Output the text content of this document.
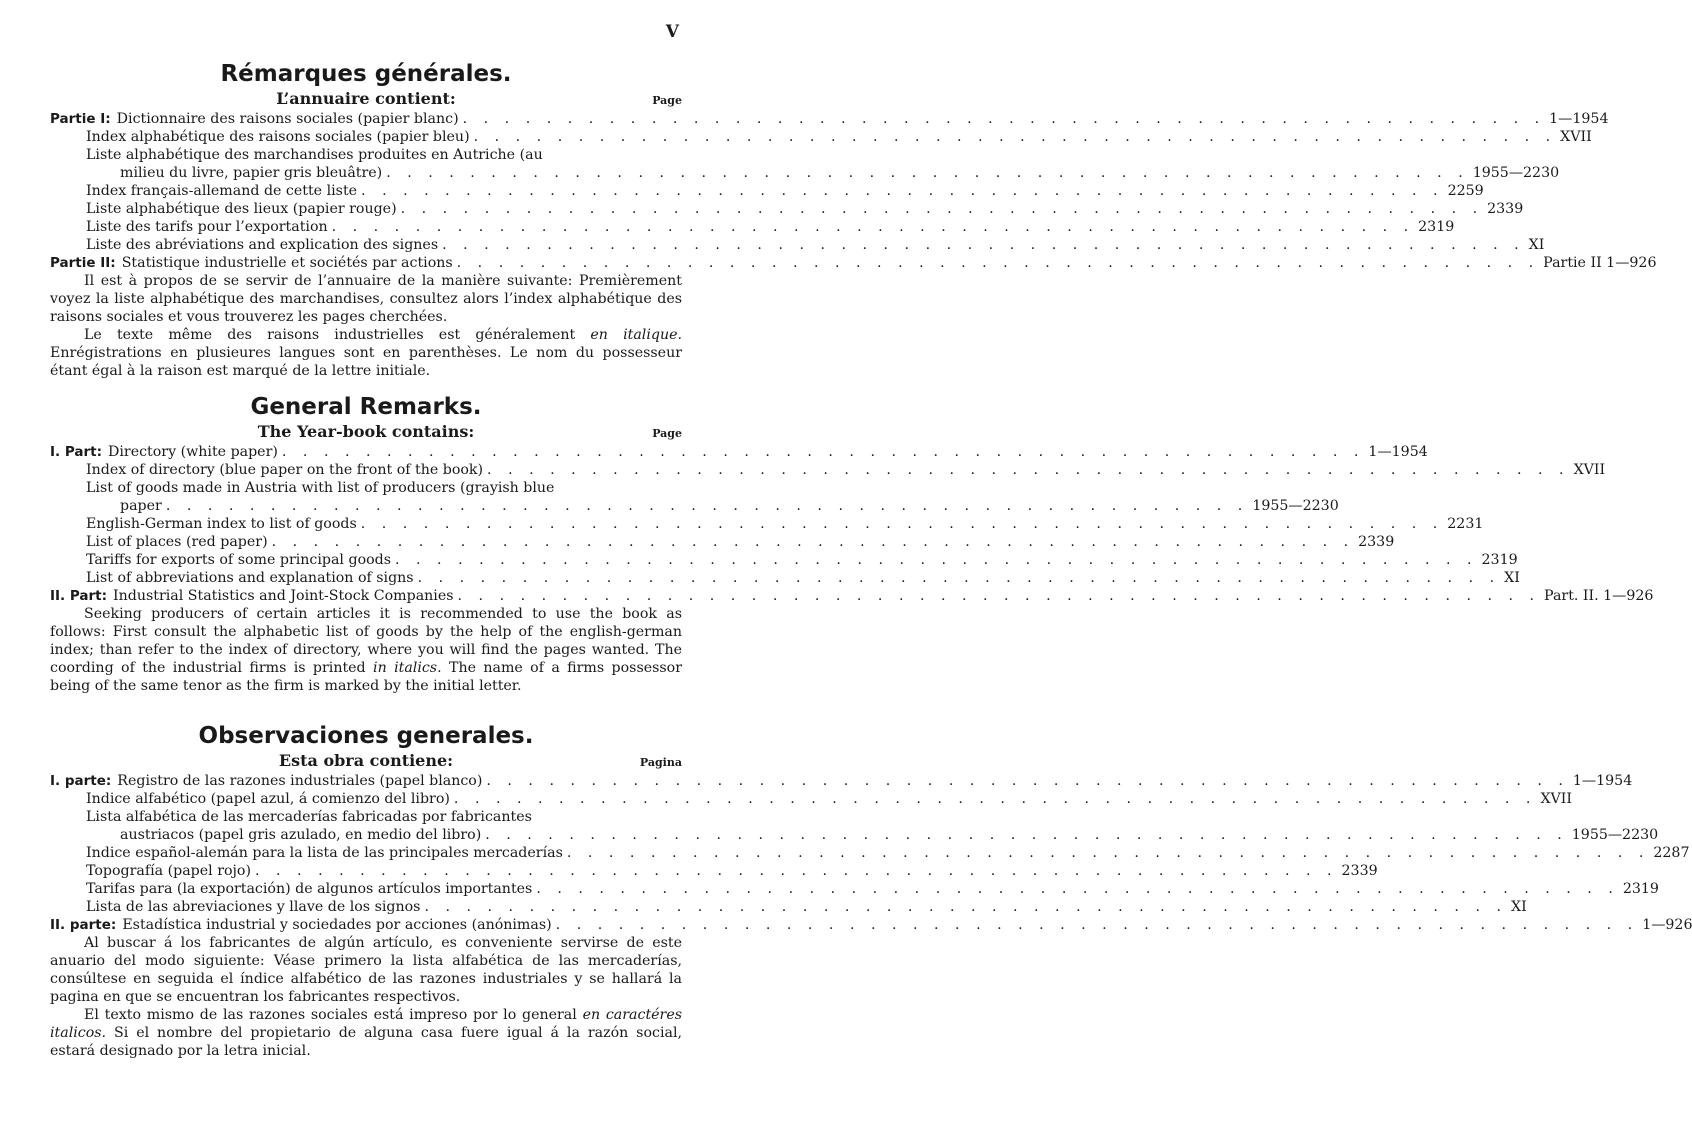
V
Rémarques générales.
L’annuaire contient:	Page
Partie I: Dictionnaire des raisons sociales (papier blanc) . . .	1—1954
Index alphabétique des raisons sociales (papier bleu) . . .	XVII
Liste alphabétique des marchandises produites en Autriche (au
milieu du livre, papier gris bleuâtre) . . .	1955—2230
Index français-allemand de cette liste . . .	2259
Liste alphabétique des lieux (papier rouge) . . .	2339
Liste des tarifs pour l’exportation . . .	2319
Liste des abréviations and explication des signes . . .	XI
Partie II: Statistique industrielle et sociétés par actions . . .	Partie II 1—926

Il est à propos de se servir de l’annuaire de la manière suivante: Premièrement voyez la liste alphabétique des marchandises, consultez alors l’index alphabétique des raisons sociales et vous trouverez les pages cherchées.

Le texte même des raisons industrielles est généralement en italique. Enrégistrations en plusieures langues sont en parenthèses. Le nom du possesseur étant égal à la raison est marqué de la lettre initiale.

General Remarks.
The Year-book contains:	Page
I. Part: Directory (white paper) . . .	1—1954
Index of directory (blue paper on the front of the book) . . .	XVII
List of goods made in Austria with list of producers (grayish blue
paper . . .	1955—2230
English-German index to list of goods . . .	2231
List of places (red paper) . . .	2339
Tariffs for exports of some principal goods . . .	2319
List of abbreviations and explanation of signs . . .	XI
II. Part: Industrial Statistics and Joint-Stock Companies . . .	Part. II. 1—926

Seeking producers of certain articles it is recommended to use the book as follows: First consult the alphabetic list of goods by the help of the english-german index; than refer to the index of directory, where you will find the pages wanted. The coording of the industrial firms is printed in italics. The name of a firms possessor being of the same tenor as the firm is marked by the initial letter.

Observaciones generales.
Esta obra contiene:	Pagina
I. parte: Registro de las razones industriales (papel blanco) . . .	1—1954
Indice alfabético (papel azul, á comienzo del libro) . . .	XVII
Lista alfabética de las mercaderías fabricadas por fabricantes
austriacos (papel gris azulado, en medio del libro) . . .	1955—2230
Indice español-alemán para la lista de las principales mercaderías . . .	2287
Topografía (papel rojo) . . .	2339
Tarifas para (la exportación) de algunos artículos importantes . . .	2319
Lista de las abreviaciones y llave de los signos . . .	XI
II. parte: Estadística industrial y sociedades por acciones (anónimas) . . .	1—926

Al buscar á los fabricantes de algún artículo, es conveniente servirse de este anuario del modo siguiente: Véase primero la lista alfabética de las mercaderías, consúltese en seguida el índice alfabético de las razones industriales y se hallará la pagina en que se encuentran los fabricantes respectivos.

El texto mismo de las razones sociales está impreso por lo general en caractéres italicos. Si el nombre del propietario de alguna casa fuere igual á la razón social, estará designado por la letra inicial.
